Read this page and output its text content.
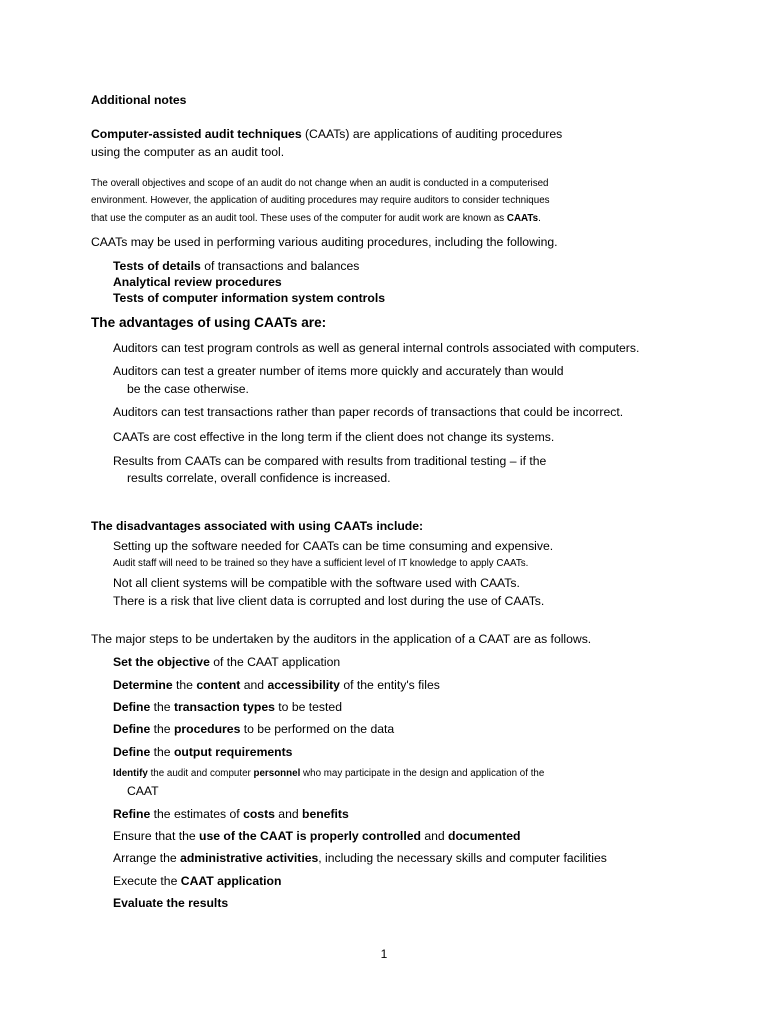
Additional notes

Computer-assisted audit techniques (CAATs) are applications of auditing procedures

using the computer as an audit tool.

The overall objectives and scope of an audit do not change when an audit is conducted in a computerised

environment. However, the application of auditing procedures may require auditors to consider techniques

that use the computer as an audit tool. These uses of the computer for audit work are known as CAATs.

CAATs may be used in performing various auditing procedures, including the following.

Tests of details of transactions and balances

Analytical review procedures

Tests of computer information system controls

The advantages of using CAATs are:

Auditors can test program controls as well as general internal controls associated with computers.

Auditors can test a greater number of items more quickly and accurately than would

be the case otherwise.

Auditors can test transactions rather than paper records of transactions that could be incorrect.

CAATs are cost effective in the long term if the client does not change its systems.

Results from CAATs can be compared with results from traditional testing – if the

results correlate, overall confidence is increased.

The disadvantages associated with using CAATs include:

Setting up the software needed for CAATs can be time consuming and expensive.

Audit staff will need to be trained so they have a sufficient level of IT knowledge to apply CAATs.

Not all client systems will be compatible with the software used with CAATs.

There is a risk that live client data is corrupted and lost during the use of CAATs.

The major steps to be undertaken by the auditors in the application of a CAAT are as follows.

Set the objective of the CAAT application

Determine the content and accessibility of the entity's files

Define the transaction types to be tested

Define the procedures to be performed on the data

Define the output requirements

Identify the audit and computer personnel who may participate in the design and application of the

CAAT

Refine the estimates of costs and benefits

Ensure that the use of the CAAT is properly controlled and documented

Arrange the administrative activities, including the necessary skills and computer facilities

Execute the CAAT application

Evaluate the results

1
